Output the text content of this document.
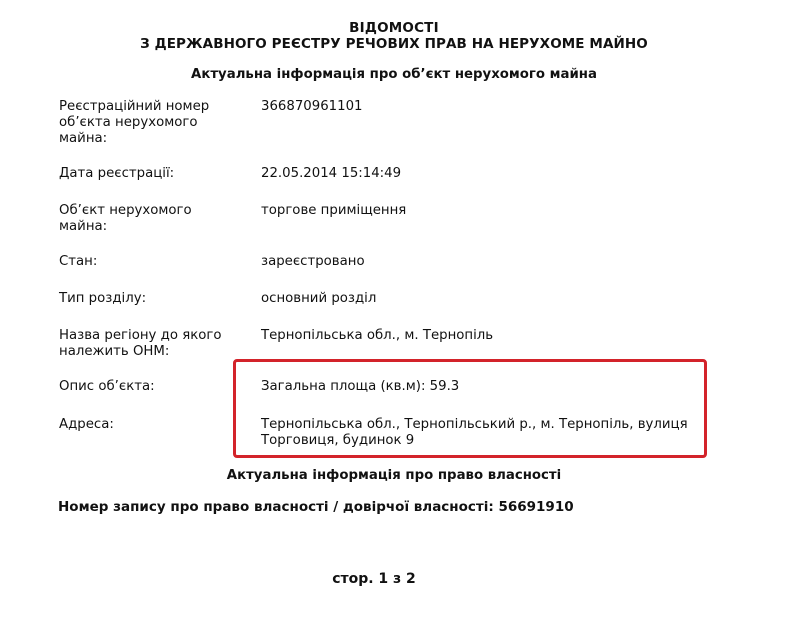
ВІДОМОСТІ
З ДЕРЖАВНОГО РЕЄСТРУ РЕЧОВИХ ПРАВ НА НЕРУХОМЕ МАЙНО
Актуальна інформація про об’єкт нерухомого майна
Реєстраційний номер
об’єкта нерухомого
майна:
366870961101
Дата реєстрації:	22.05.2014 15:14:49
Об’єкт нерухомого
майна:
торгове приміщення
Стан:	зареєстровано
Тип розділу:	основний розділ
Назва регіону до якого
належить ОНМ:
Тернопільська обл., м. Тернопіль
Опис об’єкта:	Загальна площа (кв.м): 59.3
Адреса:	Тернопільська обл., Тернопільський р., м. Тернопіль, вулиця
Торговиця, будинок 9
Актуальна інформація про право власності
Номер запису про право власності / довірчої власності: 56691910
стор. 1 з 2
